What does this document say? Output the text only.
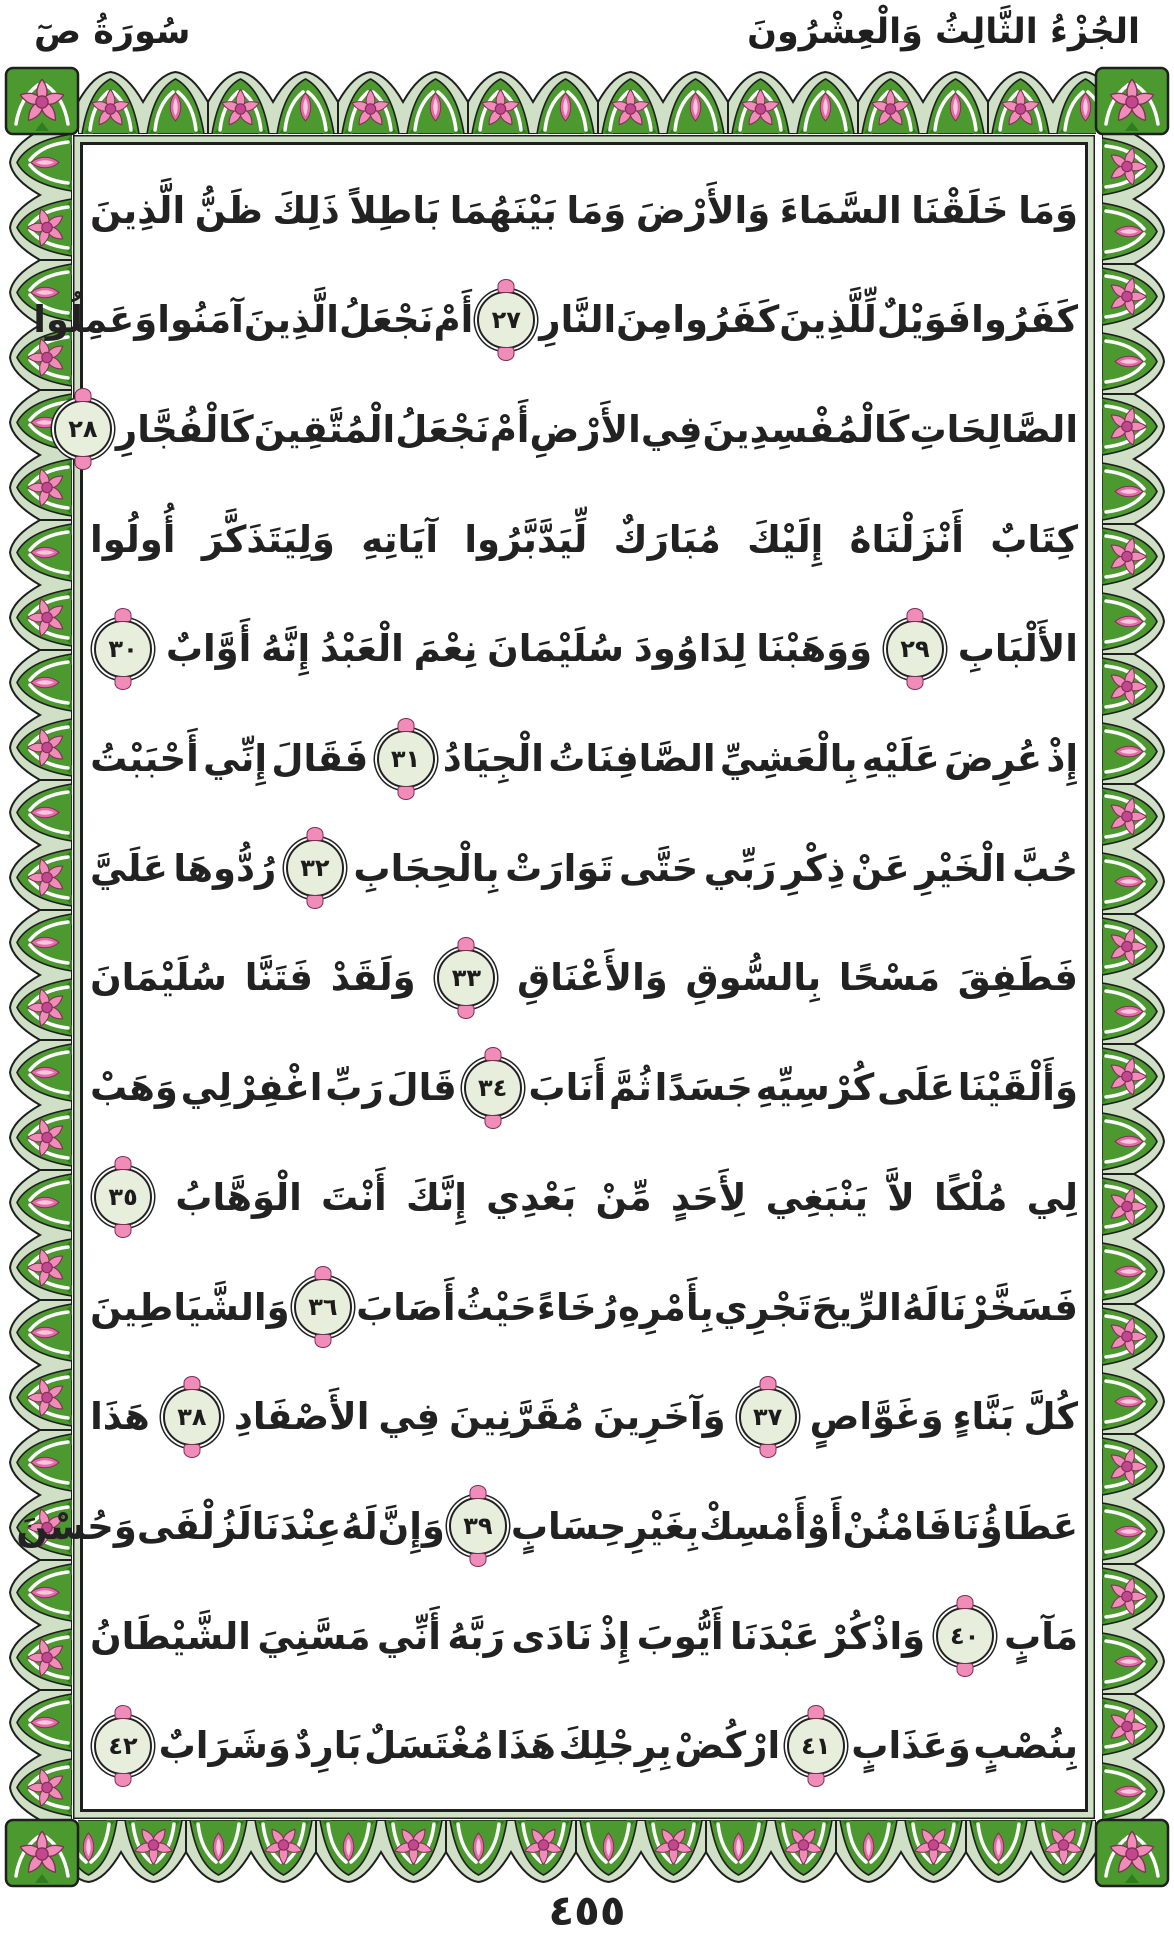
الجُزْءُ الثَّالِثُ وَالْعِشْرُونَ
سُورَةُ صٓ
وَمَا
خَلَقْنَا
السَّمَاءَ
وَالأَرْضَ
وَمَا
بَيْنَهُمَا
بَاطِلاً
ذَلِكَ
ظَنُّ
الَّذِينَ
كَفَرُوا
فَوَيْلٌ
لِّلَّذِينَ
كَفَرُوا
مِنَ
النَّارِ
٢٧
أَمْ
نَجْعَلُ
الَّذِينَ
آمَنُوا
وَعَمِلُوا
الصَّالِحَاتِ
كَالْمُفْسِدِينَ
فِي
الأَرْضِ
أَمْ
نَجْعَلُ
الْمُتَّقِينَ
كَالْفُجَّارِ
٢٨
كِتَابٌ
أَنْزَلْنَاهُ
إِلَيْكَ
مُبَارَكٌ
لِّيَدَّبَّرُوا
آيَاتِهِ
وَلِيَتَذَكَّرَ
أُولُوا
الأَلْبَابِ
٢٩
وَوَهَبْنَا
لِدَاوُودَ
سُلَيْمَانَ
نِعْمَ
الْعَبْدُ
إِنَّهُ
أَوَّابٌ
٣٠
إِذْ
عُرِضَ
عَلَيْهِ
بِالْعَشِيِّ
الصَّافِنَاتُ
الْجِيَادُ
٣١
فَقَالَ
إِنِّي
أَحْبَبْتُ
حُبَّ
الْخَيْرِ
عَنْ
ذِكْرِ
رَبِّي
حَتَّى
تَوَارَتْ
بِالْحِجَابِ
٣٢
رُدُّوهَا
عَلَيَّ
فَطَفِقَ
مَسْحًا
بِالسُّوقِ
وَالأَعْنَاقِ
٣٣
وَلَقَدْ
فَتَنَّا
سُلَيْمَانَ
وَأَلْقَيْنَا
عَلَى
كُرْسِيِّهِ
جَسَدًا
ثُمَّ
أَنَابَ
٣٤
قَالَ
رَبِّ
اغْفِرْ
لِي
وَهَبْ
لِي
مُلْكًا
لاَّ
يَنْبَغِي
لِأَحَدٍ
مِّنْ
بَعْدِي
إِنَّكَ
أَنْتَ
الْوَهَّابُ
٣٥
فَسَخَّرْنَا
لَهُ
الرِّيحَ
تَجْرِي
بِأَمْرِهِ
رُخَاءً
حَيْثُ
أَصَابَ
٣٦
وَالشَّيَاطِينَ
كُلَّ
بَنَّاءٍ
وَغَوَّاصٍ
٣٧
وَآخَرِينَ
مُقَرَّنِينَ
فِي
الأَصْفَادِ
٣٨
هَذَا
عَطَاؤُنَا
فَامْنُنْ
أَوْ
أَمْسِكْ
بِغَيْرِ
حِسَابٍ
٣٩
وَإِنَّ
لَهُ
عِنْدَنَا
لَزُلْفَى
وَحُسْنَ
مَآبٍ
٤٠
وَاذْكُرْ
عَبْدَنَا
أَيُّوبَ
إِذْ
نَادَى
رَبَّهُ
أَنِّي
مَسَّنِيَ
الشَّيْطَانُ
بِنُصْبٍ
وَعَذَابٍ
٤١
ارْكُضْ
بِرِجْلِكَ
هَذَا
مُغْتَسَلٌ
بَارِدٌ
وَشَرَابٌ
٤٢
٤٥٥
